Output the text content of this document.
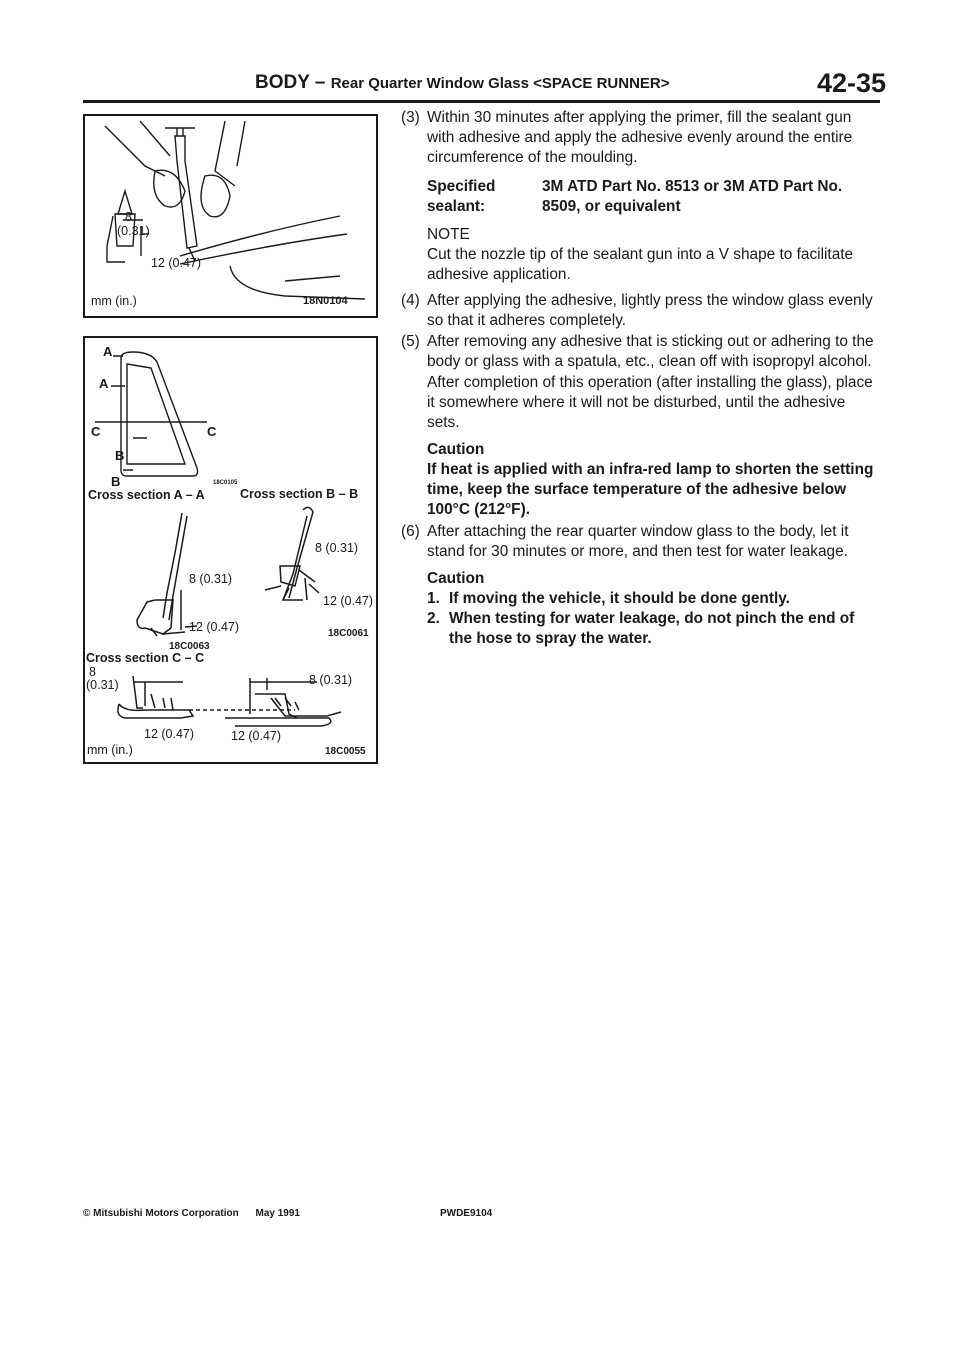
BODY – Rear Quarter Window Glass <SPACE RUNNER>	42-35
8
(0.31)
12 (0.47)
mm (in.)	18N0104
A
A
C	C
B
B	18C0105
Cross section A – A	Cross section B – B
8 (0.31)
12 (0.47)
8 (0.31)
12 (0.47)
18C0061
18C0063
Cross section C – C
8
(0.31)	8 (0.31)
12 (0.47)	12 (0.47)
mm (in.)	18C0055
(3) Within 30 minutes after applying the primer, fill the sealant gun with adhesive and apply the adhesive evenly around the entire circumference of the moulding.
Specified sealant:
3M ATD Part No. 8513 or 3M ATD Part No. 8509, or equivalent
NOTE
Cut the nozzle tip of the sealant gun into a V shape to facilitate adhesive application.
(4) After applying the adhesive, lightly press the window glass evenly so that it adheres completely.
(5) After removing any adhesive that is sticking out or adhering to the body or glass with a spatula, etc., clean off with isopropyl alcohol.
After completion of this operation (after installing the glass), place it somewhere where it will not be disturbed, until the adhesive sets.
Caution
If heat is applied with an infra-red lamp to shorten the setting time, keep the surface temperature of the adhesive below 100°C (212°F).
(6) After attaching the rear quarter window glass to the body, let it stand for 30 minutes or more, and then test for water leakage.
Caution
1. If moving the vehicle, it should be done gently.
2. When testing for water leakage, do not pinch the end of the hose to spray the water.
© Mitsubishi Motors Corporation May 1991	PWDE9104
